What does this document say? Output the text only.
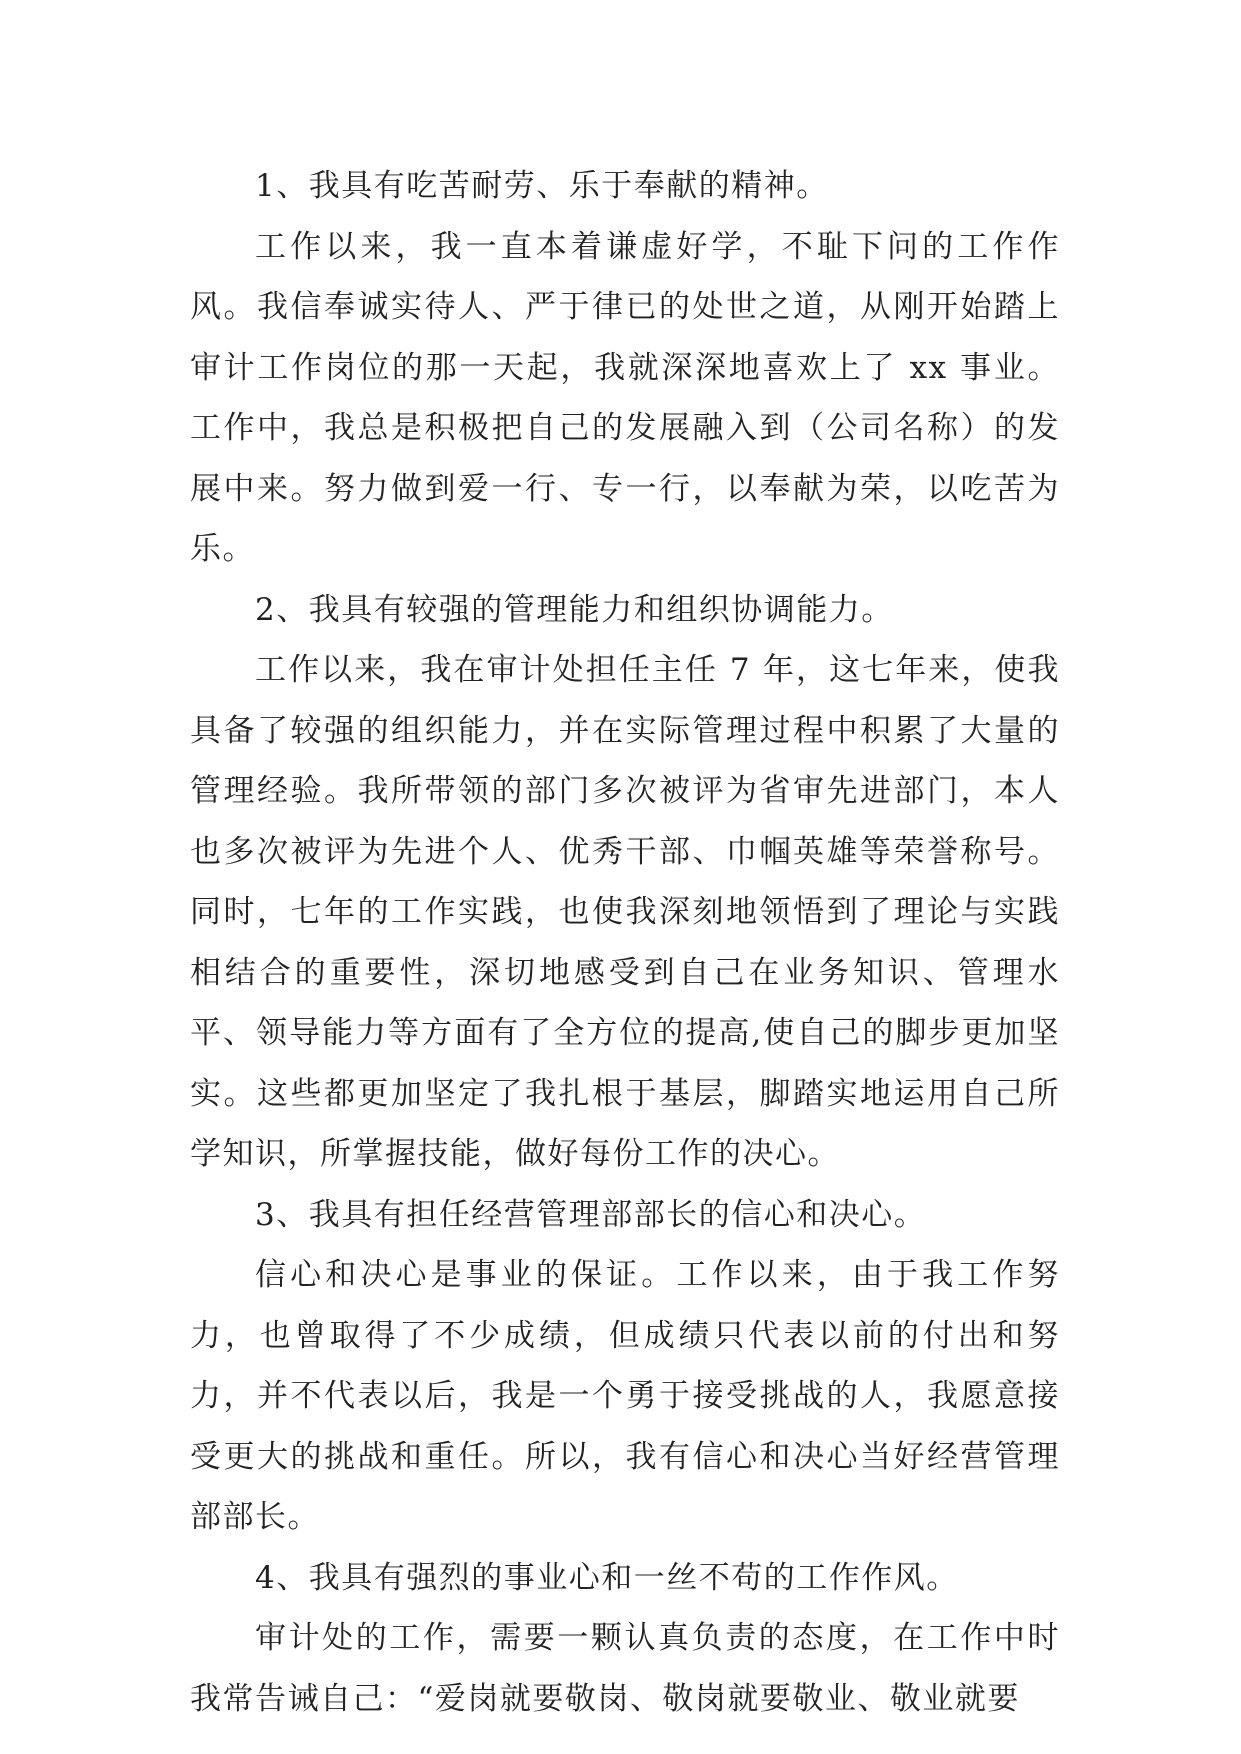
1、我具有吃苦耐劳、乐于奉献的精神。

工作以来，我一直本着谦虚好学，不耻下问的工作作风。我信奉诚实待人、严于律已的处世之道，从刚开始踏上审计工作岗位的那一天起，我就深深地喜欢上了 xx 事业。工作中，我总是积极把自己的发展融入到（公司名称）的发展中来。努力做到爱一行、专一行，以奉献为荣，以吃苦为乐。

2、我具有较强的管理能力和组织协调能力。

工作以来，我在审计处担任主任 7 年，这七年来，使我具备了较强的组织能力，并在实际管理过程中积累了大量的管理经验。我所带领的部门多次被评为省审先进部门，本人也多次被评为先进个人、优秀干部、巾帼英雄等荣誉称号。同时，七年的工作实践，也使我深刻地领悟到了理论与实践相结合的重要性，深切地感受到自己在业务知识、管理水平、领导能力等方面有了全方位的提高,使自己的脚步更加坚实。这些都更加坚定了我扎根于基层，脚踏实地运用自己所学知识，所掌握技能，做好每份工作的决心。

3、我具有担任经营管理部部长的信心和决心。

信心和决心是事业的保证。工作以来，由于我工作努力，也曾取得了不少成绩，但成绩只代表以前的付出和努力，并不代表以后，我是一个勇于接受挑战的人，我愿意接受更大的挑战和重任。所以，我有信心和决心当好经营管理部部长。

4、我具有强烈的事业心和一丝不苟的工作作风。

审计处的工作，需要一颗认真负责的态度，在工作中时我常告诫自己：“爱岗就要敬岗、敬岗就要敬业、敬业就要
